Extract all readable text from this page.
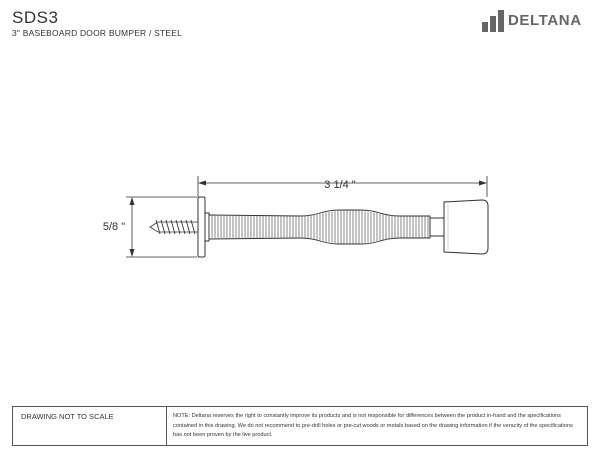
SDS3
3" BASEBOARD DOOR BUMPER / STEEL
DELTANA
3 1/4 "
5/8 "
DRAWING NOT TO SCALE	NOTE: Deltana reserves the right to constantly improve its products and is not responsible for differences between the product in-hand and the specifications contained in this drawing. We do not recommend to pre-drill holes or pre-cut woods or metals based on the drawing information if the veracity of the specifications has not been proven by the live product.
